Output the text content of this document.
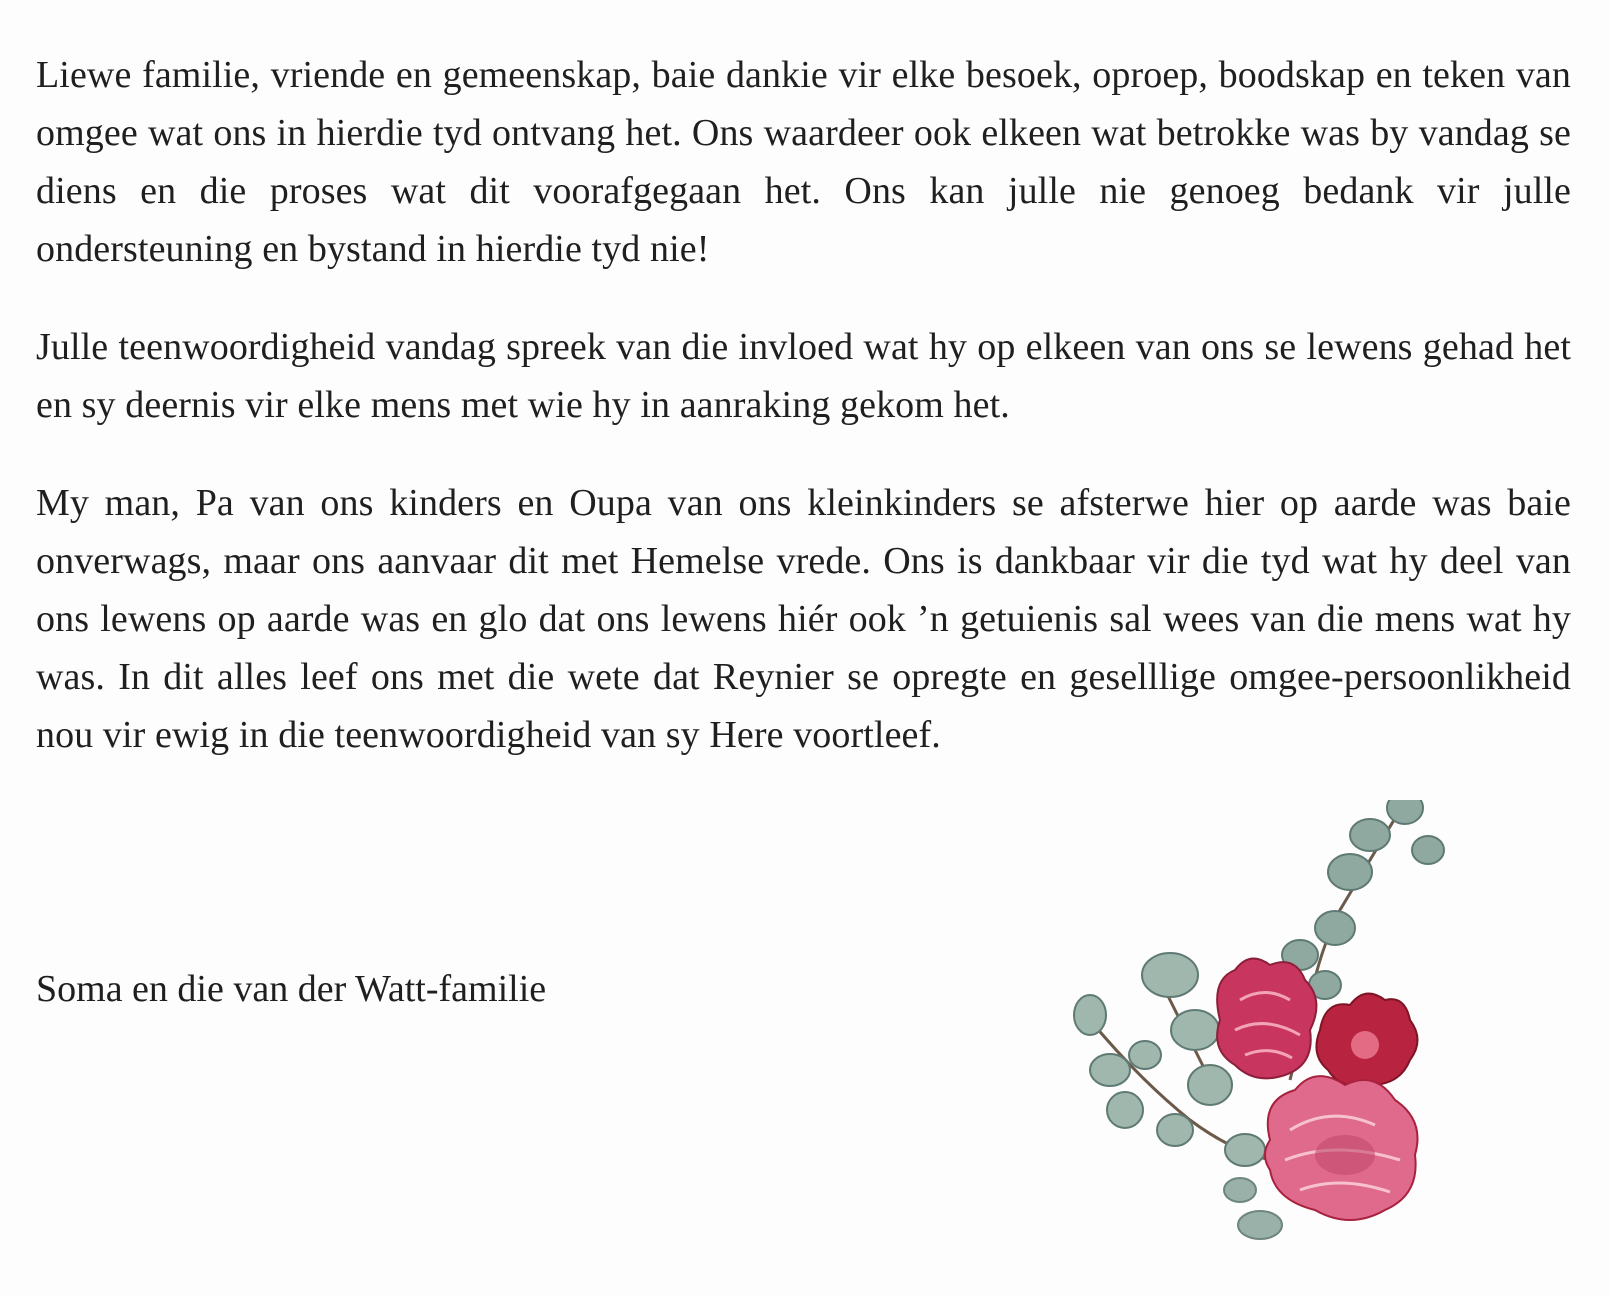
Liewe familie, vriende en gemeenskap, baie dankie vir elke besoek, oproep, boodskap en teken van omgee wat ons in hierdie tyd ontvang het. Ons waardeer ook elkeen wat betrokke was by vandag se diens en die proses wat dit voorafgegaan het. Ons kan julle nie genoeg bedank vir julle ondersteuning en bystand in hierdie tyd nie!

Julle teenwoordigheid vandag spreek van die invloed wat hy op elkeen van ons se lewens gehad het en sy deernis vir elke mens met wie hy in aanraking gekom het.

My man, Pa van ons kinders en Oupa van ons kleinkinders se afsterwe hier op aarde was baie onverwags, maar ons aanvaar dit met Hemelse vrede. Ons is dankbaar vir die tyd wat hy deel van ons lewens op aarde was en glo dat ons lewens hiér ook ’n getuienis sal wees van die mens wat hy was. In dit alles leef ons met die wete dat Reynier se opregte en geselllige omgee-persoonlikheid nou vir ewig in die teenwoordigheid van sy Here voortleef.

Soma en die van der Watt-familie
